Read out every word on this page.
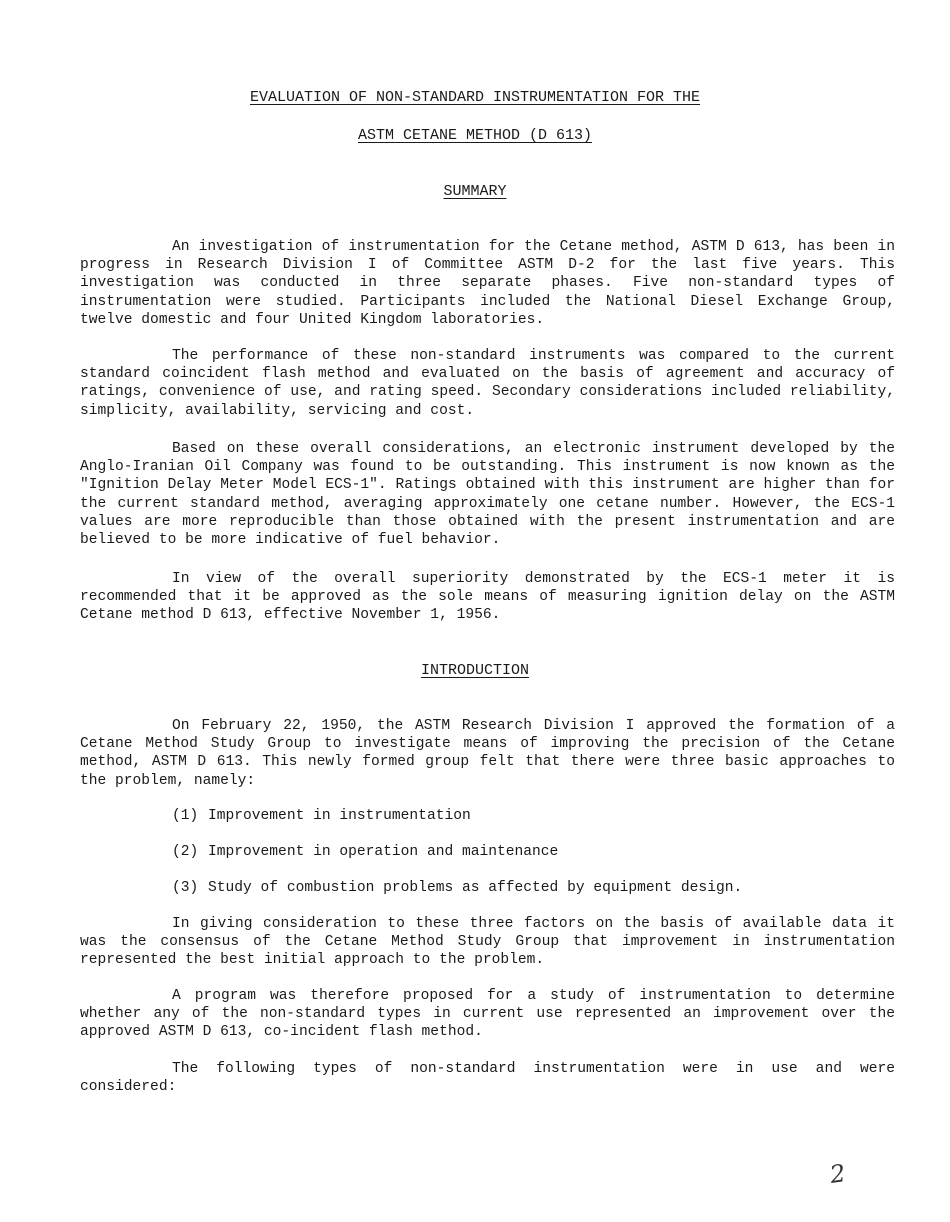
EVALUATION OF NON-STANDARD INSTRUMENTATION FOR THE
ASTM CETANE METHOD (D 613)
SUMMARY
An investigation of instrumentation for the Cetane method, ASTM D 613, has been in progress in Research Division I of Committee ASTM D-2 for the last five years. This investigation was conducted in three separate phases. Five non-standard types of instrumentation were studied. Participants included the National Diesel Exchange Group, twelve domestic and four United Kingdom laboratories.
The performance of these non-standard instruments was compared to the current standard coincident flash method and evaluated on the basis of agreement and accuracy of ratings, convenience of use, and rating speed. Secondary considerations included reliability, simplicity, availability, servicing and cost.
Based on these overall considerations, an electronic instrument developed by the Anglo-Iranian Oil Company was found to be outstanding. This instrument is now known as the "Ignition Delay Meter Model ECS-1". Ratings obtained with this instrument are higher than for the current standard method, averaging approximately one cetane number. However, the ECS-1 values are more reproducible than those obtained with the present instrumentation and are believed to be more indicative of fuel behavior.
In view of the overall superiority demonstrated by the ECS-1 meter it is recommended that it be approved as the sole means of measuring ignition delay on the ASTM Cetane method D 613, effective November 1, 1956.
INTRODUCTION
On February 22, 1950, the ASTM Research Division I approved the formation of a Cetane Method Study Group to investigate means of improving the precision of the Cetane method, ASTM D 613. This newly formed group felt that there were three basic approaches to the problem, namely:
(1) Improvement in instrumentation
(2) Improvement in operation and maintenance
(3) Study of combustion problems as affected by equipment design.
In giving consideration to these three factors on the basis of available data it was the consensus of the Cetane Method Study Group that improvement in instrumentation represented the best initial approach to the problem.
A program was therefore proposed for a study of instrumentation to determine whether any of the non-standard types in current use represented an improvement over the approved ASTM D 613, co-incident flash method.
The following types of non-standard instrumentation were in use and were considered:
2
